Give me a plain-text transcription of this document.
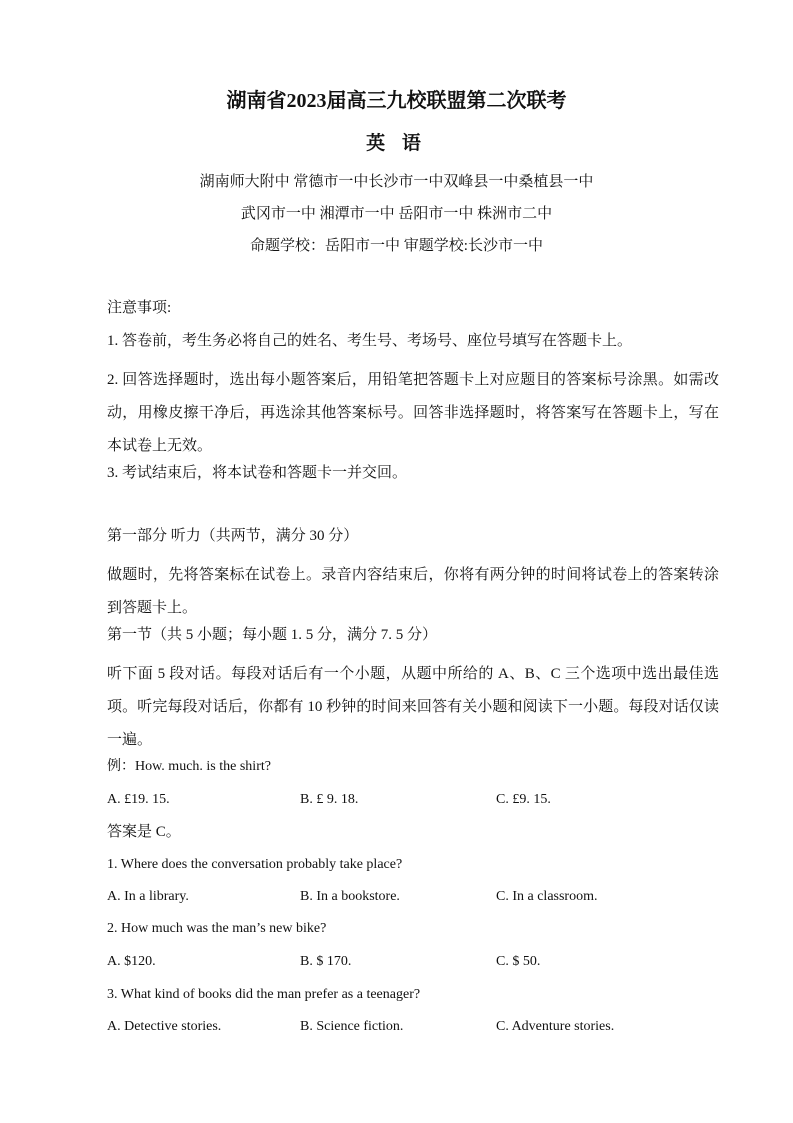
湖南省2023届高三九校联盟第二次联考
英 语
湖南师大附中 常德市一中长沙市一中双峰县一中桑植县一中
武冈市一中 湘潭市一中 岳阳市一中 株洲市二中
命题学校：岳阳市一中 审题学校:长沙市一中
注意事项:
1. 答卷前，考生务必将自己的姓名、考生号、考场号、座位号填写在答题卡上。
2. 回答选择题时，选出每小题答案后，用铅笔把答题卡上对应题目的答案标号涂黑。如需改动，用橡皮擦干净后，再选涂其他答案标号。回答非选择题时，将答案写在答题卡上，写在本试卷上无效。
3. 考试结束后，将本试卷和答题卡一并交回。
第一部分 听力（共两节，满分 30 分）
做题时，先将答案标在试卷上。录音内容结束后，你将有两分钟的时间将试卷上的答案转涂到答题卡上。
第一节（共 5 小题；每小题 1. 5 分，满分 7. 5 分）
听下面 5 段对话。每段对话后有一个小题，从题中所给的 A、B、C 三个选项中选出最佳选项。听完每段对话后，你都有 10 秒钟的时间来回答有关小题和阅读下一小题。每段对话仅读一遍。
例：How. much. is the shirt?
A. £19. 15.	B. £ 9. 18.	C. £9. 15.
答案是 C。
1. Where does the conversation probably take place?
A. In a library.	B. In a bookstore.	C. In a classroom.
2. How much was the man’s new bike?
A. $120.	B. $ 170.	C. $ 50.
3. What kind of books did the man prefer as a teenager?
A. Detective stories.	B. Science fiction.	C. Adventure stories.
